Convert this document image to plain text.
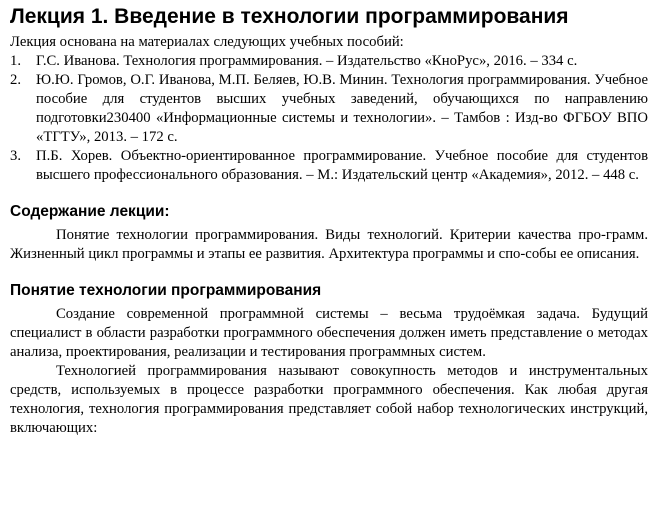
Лекция 1. Введение в технологии программирования

Лекция основана на материалах следующих учебных пособий:

1. Г.С. Иванова. Технология программирования. – Издательство «КноРус», 2016. – 334 с.
2. Ю.Ю. Громов, О.Г. Иванова, М.П. Беляев, Ю.В. Минин. Технология программирования. Учебное пособие для студентов высших учебных заведений, обучающихся по направлению подготовки230400 «Информационные системы и технологии». – Тамбов : Изд-во ФГБОУ ВПО «ТГТУ», 2013. – 172 с.
3. П.Б. Хорев. Объектно-ориентированное программирование. Учебное пособие для студентов высшего профессионального образования. – М.: Издательский центр «Академия», 2012. – 448 с.
Содержание лекции:

Понятие технологии программирования. Виды технологий. Критерии качества про-грамм. Жизненный цикл программы и этапы ее развития. Архитектура программы и спо-собы ее описания.

Понятие технологии программирования

Создание современной программной системы – весьма трудоёмкая задача. Будущий специалист в области разработки программного обеспечения должен иметь представление о методах анализа, проектирования, реализации и тестирования программных систем.

Технологией программирования называют совокупность методов и инструментальных средств, используемых в процессе разработки программного обеспечения. Как любая другая технология, технология программирования представляет собой набор технологических инструкций, включающих:
